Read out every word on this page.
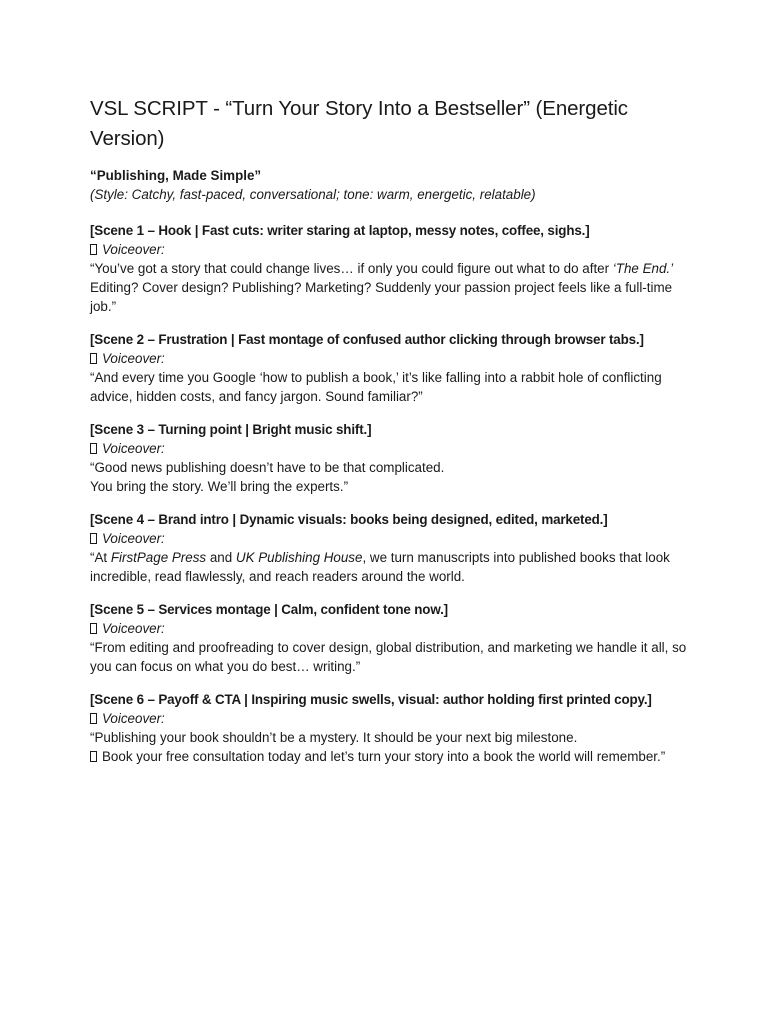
VSL SCRIPT - “Turn Your Story Into a Bestseller” (Energetic Version)

“Publishing, Made Simple”

(Style: Catchy, fast-paced, conversational; tone: warm, energetic, relatable)

[Scene 1 – Hook | Fast cuts: writer staring at laptop, messy notes, coffee, sighs.]

Voiceover:

“You’ve got a story that could change lives… if only you could figure out what to do after ‘The End.’

Editing? Cover design? Publishing? Marketing? Suddenly your passion project feels like a full-time job.”

[Scene 2 – Frustration | Fast montage of confused author clicking through browser tabs.]

Voiceover:

“And every time you Google ‘how to publish a book,’ it’s like falling into a rabbit hole of conflicting advice, hidden costs, and fancy jargon. Sound familiar?”

[Scene 3 – Turning point | Bright music shift.]

Voiceover:

“Good news publishing doesn’t have to be that complicated.

You bring the story. We’ll bring the experts.”

[Scene 4 – Brand intro | Dynamic visuals: books being designed, edited, marketed.]

Voiceover:

“At FirstPage Press and UK Publishing House, we turn manuscripts into published books that look incredible, read flawlessly, and reach readers around the world.

[Scene 5 – Services montage | Calm, confident tone now.]

Voiceover:

“From editing and proofreading to cover design, global distribution, and marketing we handle it all, so you can focus on what you do best… writing.”

[Scene 6 – Payoff & CTA | Inspiring music swells, visual: author holding first printed copy.]

Voiceover:

“Publishing your book shouldn’t be a mystery. It should be your next big milestone.

Book your free consultation today and let’s turn your story into a book the world will remember.”
